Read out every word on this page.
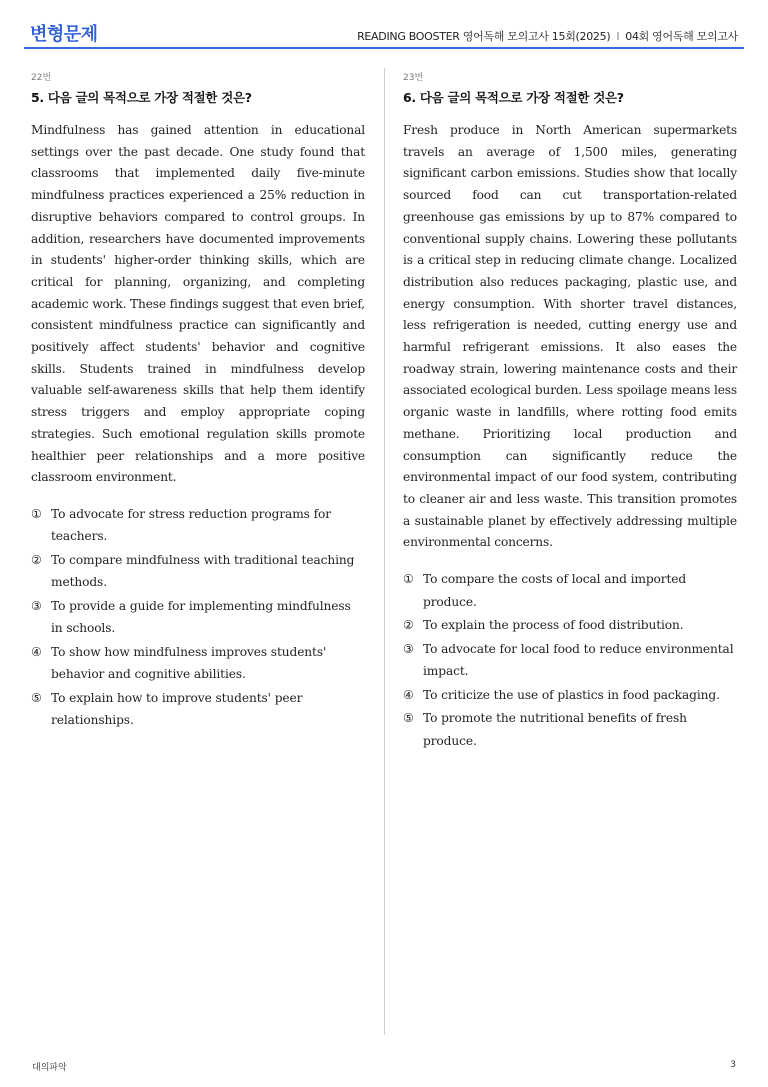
변형문제	READING BOOSTER 영어독해 모의고사 15회(2025) I 04회 영어독해 모의고사
22번
5. 다음 글의 목적으로 가장 적절한 것은?

Mindfulness has gained attention in educational settings over the past decade. One study found that classrooms that implemented daily five-minute mindfulness practices experienced a 25% reduction in disruptive behaviors compared to control groups. In addition, researchers have documented improvements in students' higher-order thinking skills, which are critical for planning, organizing, and completing academic work. These findings suggest that even brief, consistent mindfulness practice can significantly and positively affect students' behavior and cognitive skills. Students trained in mindfulness develop valuable self-awareness skills that help them identify stress triggers and employ appropriate coping strategies. Such emotional regulation skills promote healthier peer relationships and a more positive classroom environment.

① To advocate for stress reduction programs for teachers.
② To compare mindfulness with traditional teaching methods.
③ To provide a guide for implementing mindfulness in schools.
④ To show how mindfulness improves students' behavior and cognitive abilities.
⑤ To explain how to improve students' peer relationships.
23번
6. 다음 글의 목적으로 가장 적절한 것은?

Fresh produce in North American supermarkets travels an average of 1,500 miles, generating significant carbon emissions. Studies show that locally sourced food can cut transportation-related greenhouse gas emissions by up to 87% compared to conventional supply chains. Lowering these pollutants is a critical step in reducing climate change. Localized distribution also reduces packaging, plastic use, and energy consumption. With shorter travel distances, less refrigeration is needed, cutting energy use and harmful refrigerant emissions. It also eases the roadway strain, lowering maintenance costs and their associated ecological burden. Less spoilage means less organic waste in landfills, where rotting food emits methane. Prioritizing local production and consumption can significantly reduce the environmental impact of our food system, contributing to cleaner air and less waste. This transition promotes a sustainable planet by effectively addressing multiple environmental concerns.

① To compare the costs of local and imported produce.
② To explain the process of food distribution.
③ To advocate for local food to reduce environmental impact.
④ To criticize the use of plastics in food packaging.
⑤ To promote the nutritional benefits of fresh produce.
대의파악	3
